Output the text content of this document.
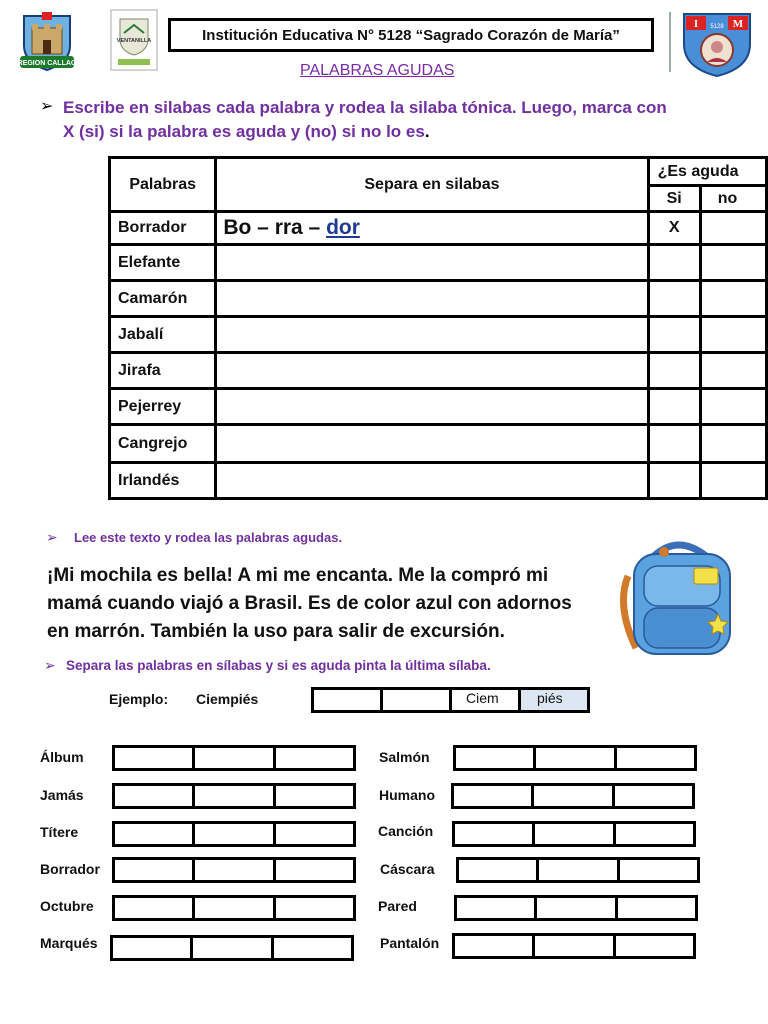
REGION CALLAO
VENTANILLA	Institución Educativa N° 5128 “Sagrado Corazón de María”
I	M
5128
PALABRAS AGUDAS
➢ Escribe en silabas cada palabra y rodea la silaba tónica. Luego, marca con
X (si) si la palabra es aguda y (no) si no lo es.
Palabras	Separa en silabas	¿Es aguda	
		Si	no
Borrador	Bo – rra – dor	X	
Elefante			
Camarón			
Jabalí			
Jirafa			
Pejerrey			
Cangrejo			
Irlandés			
➢ Lee este texto y rodea las palabras agudas.
¡Mi mochila es bella! A mi me encanta. Me la compró mi
mamá cuando viajó a Brasil. Es de color azul con adornos
en marrón. También la uso para salir de excursión.
➢ Separa las palabras en sílabas y si es aguda pinta la última sílaba.
Ejemplo: Ciempiés	Ciem	piés
Álbum
Jamás
Títere
Borrador
Octubre
Marqués
Salmón
Humano
Canción
Cáscara
Pared
Pantalón
